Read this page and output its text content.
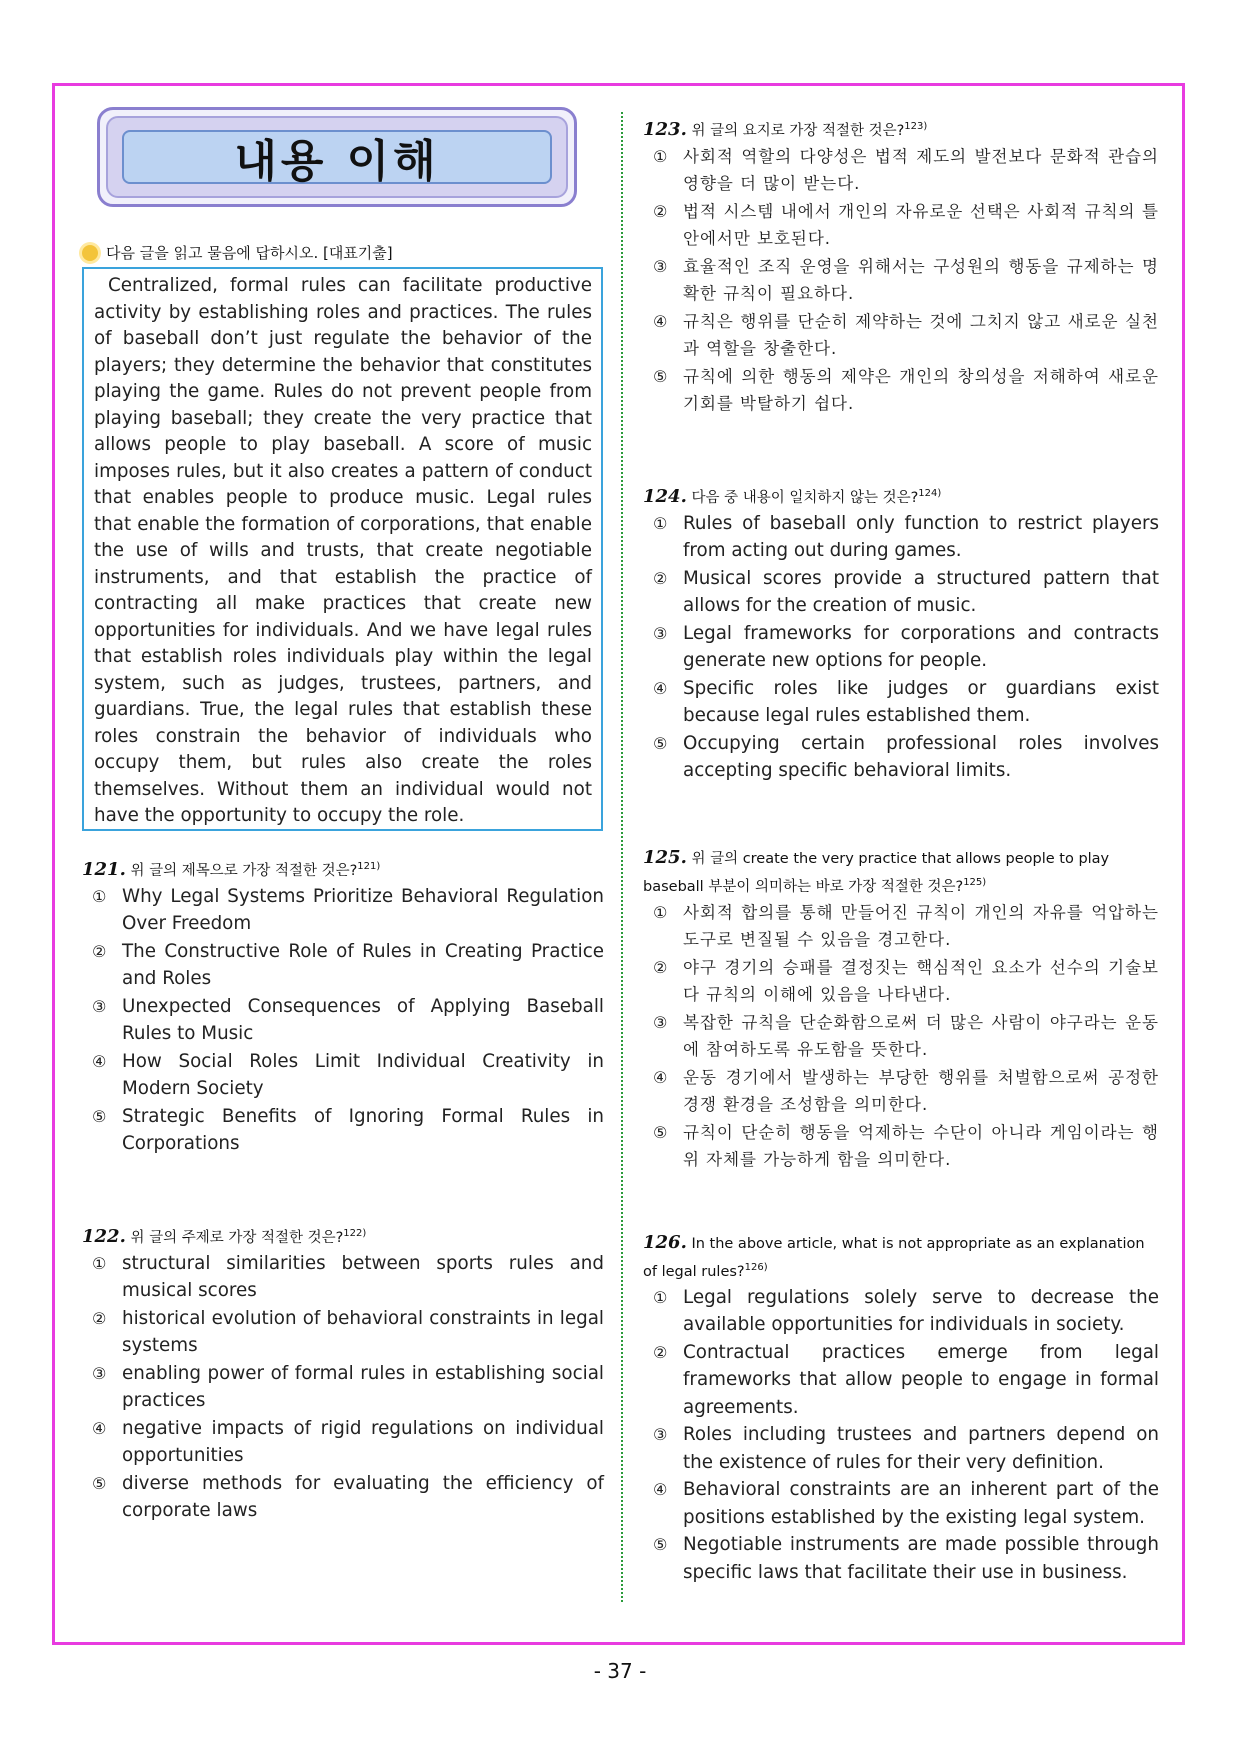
내용 이해
다음 글을 읽고 물음에 답하시오. [대표기출]
Centralized, formal rules can facilitate productive activity by establishing roles and practices. The rules of baseball don’t just regulate the behavior of the players; they determine the behavior that constitutes playing the game. Rules do not prevent people from playing baseball; they create the very practice that allows people to play baseball. A score of music imposes rules, but it also creates a pattern of conduct that enables people to produce music. Legal rules that enable the formation of corporations, that enable the use of wills and trusts, that create negotiable instruments, and that establish the practice of contracting all make practices that create new opportunities for individuals. And we have legal rules that establish roles individuals play within the legal system, such as judges, trustees, partners, and guardians. True, the legal rules that establish these roles constrain the behavior of individuals who occupy them, but rules also create the roles themselves. Without them an individual would not have the opportunity to occupy the role.
121. 위 글의 제목으로 가장 적절한 것은?$^{121)}$
① Why Legal Systems Prioritize Behavioral Regulation Over Freedom
② The Constructive Role of Rules in Creating Practice and Roles
③ Unexpected Consequences of Applying Baseball Rules to Music
④ How Social Roles Limit Individual Creativity in Modern Society
⑤ Strategic Benefits of Ignoring Formal Rules in Corporations
122. 위 글의 주제로 가장 적절한 것은?$^{122)}$
① structural similarities between sports rules and musical scores
② historical evolution of behavioral constraints in legal systems
③ enabling power of formal rules in establishing social practices
④ negative impacts of rigid regulations on individual opportunities
⑤ diverse methods for evaluating the efficiency of corporate laws
123. 위 글의 요지로 가장 적절한 것은?$^{123)}$
① 사회적 역할의 다양성은 법적 제도의 발전보다 문화적 관습의 영향을 더 많이 받는다.
② 법적 시스템 내에서 개인의 자유로운 선택은 사회적 규칙의 틀 안에서만 보호된다.
③ 효율적인 조직 운영을 위해서는 구성원의 행동을 규제하는 명확한 규칙이 필요하다.
④ 규칙은 행위를 단순히 제약하는 것에 그치지 않고 새로운 실천과 역할을 창출한다.
⑤ 규칙에 의한 행동의 제약은 개인의 창의성을 저해하여 새로운 기회를 박탈하기 쉽다.
124. 다음 중 내용이 일치하지 않는 것은?$^{124)}$
① Rules of baseball only function to restrict players from acting out during games.
② Musical scores provide a structured pattern that allows for the creation of music.
③ Legal frameworks for corporations and contracts generate new options for people.
④ Specific roles like judges or guardians exist because legal rules established them.
⑤ Occupying certain professional roles involves accepting specific behavioral limits.
125. 위 글의 create the very practice that allows people to play baseball 부분이 의미하는 바로 가장 적절한 것은?$^{125)}$
① 사회적 합의를 통해 만들어진 규칙이 개인의 자유를 억압하는 도구로 변질될 수 있음을 경고한다.
② 야구 경기의 승패를 결정짓는 핵심적인 요소가 선수의 기술보다 규칙의 이해에 있음을 나타낸다.
③ 복잡한 규칙을 단순화함으로써 더 많은 사람이 야구라는 운동에 참여하도록 유도함을 뜻한다.
④ 운동 경기에서 발생하는 부당한 행위를 처벌함으로써 공정한 경쟁 환경을 조성함을 의미한다.
⑤ 규칙이 단순히 행동을 억제하는 수단이 아니라 게임이라는 행위 자체를 가능하게 함을 의미한다.
126. In the above article, what is not appropriate as an explanation of legal rules?$^{126)}$
① Legal regulations solely serve to decrease the available opportunities for individuals in society.
② Contractual practices emerge from legal frameworks that allow people to engage in formal agreements.
③ Roles including trustees and partners depend on the existence of rules for their very definition.
④ Behavioral constraints are an inherent part of the positions established by the existing legal system.
⑤ Negotiable instruments are made possible through specific laws that facilitate their use in business.
- 37 -
